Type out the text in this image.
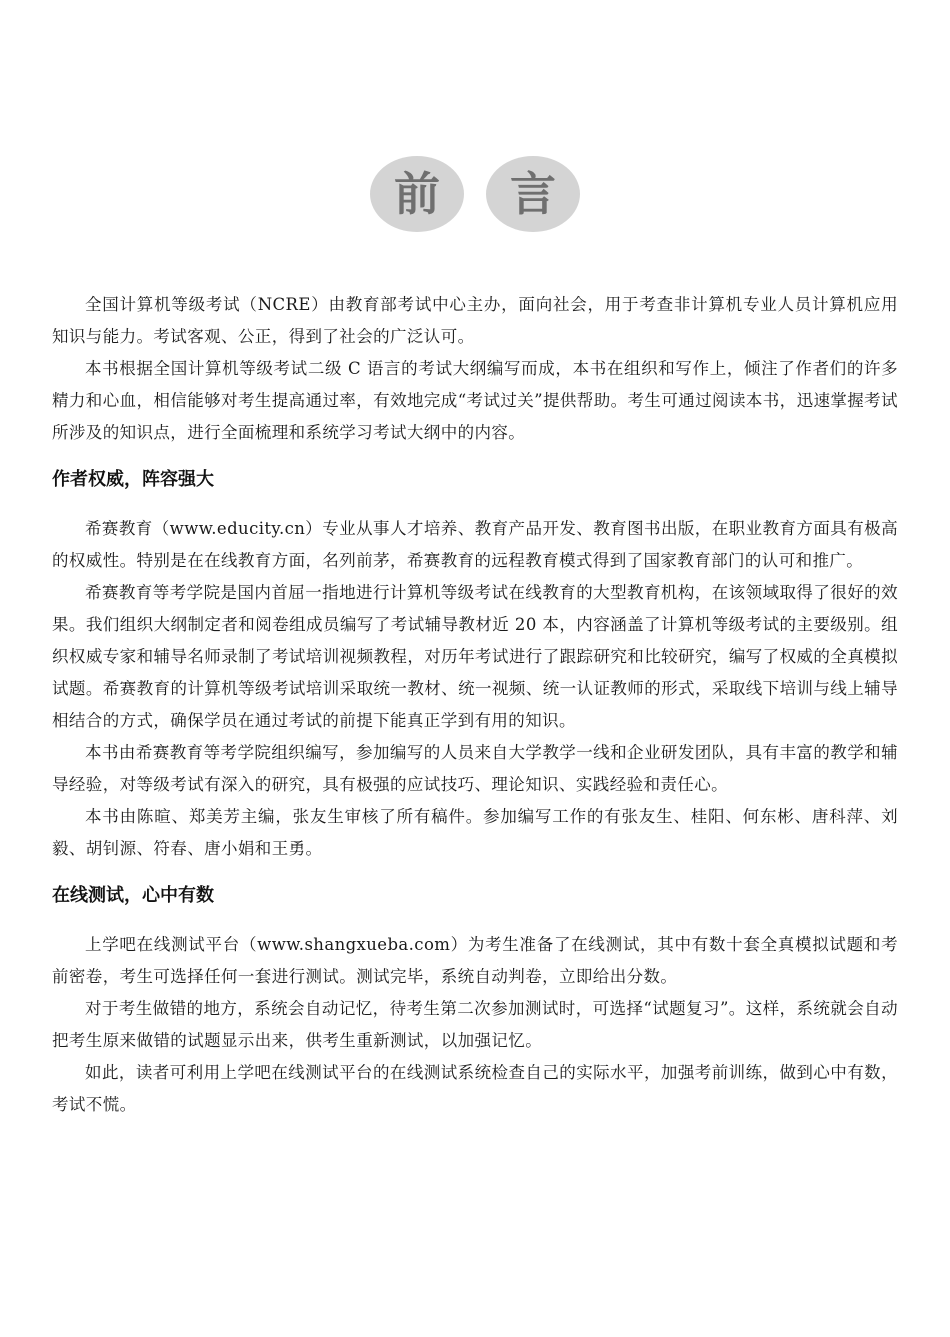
前	言

全国计算机等级考试（NCRE）由教育部考试中心主办，面向社会，用于考查非计算机专业人员计算机应用知识与能力。考试客观、公正，得到了社会的广泛认可。

本书根据全国计算机等级考试二级 C 语言的考试大纲编写而成，本书在组织和写作上，倾注了作者们的许多精力和心血，相信能够对考生提高通过率，有效地完成“考试过关”提供帮助。考生可通过阅读本书，迅速掌握考试所涉及的知识点，进行全面梳理和系统学习考试大纲中的内容。

作者权威，阵容强大

希赛教育（www.educity.cn）专业从事人才培养、教育产品开发、教育图书出版，在职业教育方面具有极高的权威性。特别是在在线教育方面，名列前茅，希赛教育的远程教育模式得到了国家教育部门的认可和推广。

希赛教育等考学院是国内首屈一指地进行计算机等级考试在线教育的大型教育机构，在该领域取得了很好的效果。我们组织大纲制定者和阅卷组成员编写了考试辅导教材近 20 本，内容涵盖了计算机等级考试的主要级别。组织权威专家和辅导名师录制了考试培训视频教程，对历年考试进行了跟踪研究和比较研究，编写了权威的全真模拟试题。希赛教育的计算机等级考试培训采取统一教材、统一视频、统一认证教师的形式，采取线下培训与线上辅导相结合的方式，确保学员在通过考试的前提下能真正学到有用的知识。

本书由希赛教育等考学院组织编写，参加编写的人员来自大学教学一线和企业研发团队，具有丰富的教学和辅导经验，对等级考试有深入的研究，具有极强的应试技巧、理论知识、实践经验和责任心。

本书由陈暄、郑美芳主编，张友生审核了所有稿件。参加编写工作的有张友生、桂阳、何东彬、唐科萍、刘毅、胡钊源、符春、唐小娟和王勇。

在线测试，心中有数

上学吧在线测试平台（www.shangxueba.com）为考生准备了在线测试，其中有数十套全真模拟试题和考前密卷，考生可选择任何一套进行测试。测试完毕，系统自动判卷，立即给出分数。

对于考生做错的地方，系统会自动记忆，待考生第二次参加测试时，可选择“试题复习”。这样，系统就会自动把考生原来做错的试题显示出来，供考生重新测试，以加强记忆。

如此，读者可利用上学吧在线测试平台的在线测试系统检查自己的实际水平，加强考前训练，做到心中有数，考试不慌。
